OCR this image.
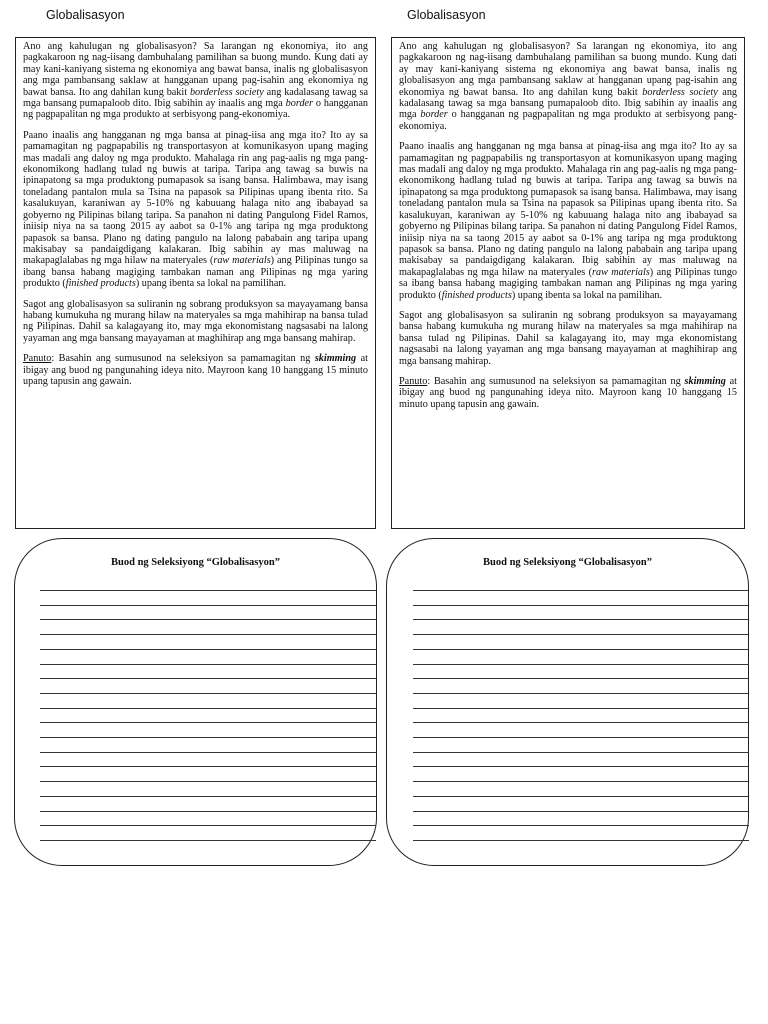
Globalisasyon	Globalisasyon

Ano ang kahulugan ng globalisasyon? Sa larangan ng ekonomiya, ito ang pagkakaroon ng nag-iisang dambuhalang pamilihan sa buong mundo. Kung dati ay may kani-kaniyang sistema ng ekonomiya ang bawat bansa, inalis ng globalisasyon ang mga pambansang saklaw at hangganan upang pag-isahin ang ekonomiya ng bawat bansa. Ito ang dahilan kung bakit borderless society ang kadalasang tawag sa mga bansang pumapaloob dito. Ibig sabihin ay inaalis ang mga border o hangganan ng pagpapalitan ng mga produkto at serbisyong pang-ekonomiya.

Paano inaalis ang hangganan ng mga bansa at pinag-iisa ang mga ito? Ito ay sa pamamagitan ng pagpapabilis ng transportasyon at komunikasyon upang maging mas madali ang daloy ng mga produkto. Mahalaga rin ang pag-aalis ng mga pang-ekonomikong hadlang tulad ng buwis at taripa. Taripa ang tawag sa buwis na ipinapatong sa mga produktong pumapasok sa isang bansa. Halimbawa, may isang toneladang pantalon mula sa Tsina na papasok sa Pilipinas upang ibenta rito. Sa kasalukuyan, karaniwan ay 5-10% ng kabuuang halaga nito ang ibabayad sa gobyerno ng Pilipinas bilang taripa. Sa panahon ni dating Pangulong Fidel Ramos, iniisip niya na sa taong 2015 ay aabot sa 0-1% ang taripa ng mga produktong papasok sa bansa. Plano ng dating pangulo na lalong pababain ang taripa upang makisabay sa pandaigdigang kalakaran. Ibig sabihin ay mas maluwag na makapaglalabas ng mga hilaw na materyales (raw materials) ang Pilipinas tungo sa ibang bansa habang magiging tambakan naman ang Pilipinas ng mga yaring produkto (finished products) upang ibenta sa lokal na pamilihan.

Sagot ang globalisasyon sa suliranin ng sobrang produksyon sa mayayamang bansa habang kumukuha ng murang hilaw na materyales sa mga mahihirap na bansa tulad ng Pilipinas. Dahil sa kalagayang ito, may mga ekonomistang nagsasabi na lalong yayaman ang mga bansang mayayaman at maghihirap ang mga bansang mahirap.

Panuto: Basahin ang sumusunod na seleksiyon sa pamamagitan ng skimming at ibigay ang buod ng pangunahing ideya nito. Mayroon kang 10 hanggang 15 minuto upang tapusin ang gawain.

Ano ang kahulugan ng globalisasyon? Sa larangan ng ekonomiya, ito ang pagkakaroon ng nag-iisang dambuhalang pamilihan sa buong mundo. Kung dati ay may kani-kaniyang sistema ng ekonomiya ang bawat bansa, inalis ng globalisasyon ang mga pambansang saklaw at hangganan upang pag-isahin ang ekonomiya ng bawat bansa. Ito ang dahilan kung bakit borderless society ang kadalasang tawag sa mga bansang pumapaloob dito. Ibig sabihin ay inaalis ang mga border o hangganan ng pagpapalitan ng mga produkto at serbisyong pang-ekonomiya.

Paano inaalis ang hangganan ng mga bansa at pinag-iisa ang mga ito? Ito ay sa pamamagitan ng pagpapabilis ng transportasyon at komunikasyon upang maging mas madali ang daloy ng mga produkto. Mahalaga rin ang pag-aalis ng mga pang-ekonomikong hadlang tulad ng buwis at taripa. Taripa ang tawag sa buwis na ipinapatong sa mga produktong pumapasok sa isang bansa. Halimbawa, may isang toneladang pantalon mula sa Tsina na papasok sa Pilipinas upang ibenta rito. Sa kasalukuyan, karaniwan ay 5-10% ng kabuuang halaga nito ang ibabayad sa gobyerno ng Pilipinas bilang taripa. Sa panahon ni dating Pangulong Fidel Ramos, iniisip niya na sa taong 2015 ay aabot sa 0-1% ang taripa ng mga produktong papasok sa bansa. Plano ng dating pangulo na lalong pababain ang taripa upang makisabay sa pandaigdigang kalakaran. Ibig sabihin ay mas maluwag na makapaglalabas ng mga hilaw na materyales (raw materials) ang Pilipinas tungo sa ibang bansa habang magiging tambakan naman ang Pilipinas ng mga yaring produkto (finished products) upang ibenta sa lokal na pamilihan.

Sagot ang globalisasyon sa suliranin ng sobrang produksyon sa mayayamang bansa habang kumukuha ng murang hilaw na materyales sa mga mahihirap na bansa tulad ng Pilipinas. Dahil sa kalagayang ito, may mga ekonomistang nagsasabi na lalong yayaman ang mga bansang mayayaman at maghihirap ang mga bansang mahirap.

Panuto: Basahin ang sumusunod na seleksiyon sa pamamagitan ng skimming at ibigay ang buod ng pangunahing ideya nito. Mayroon kang 10 hanggang 15 minuto upang tapusin ang gawain.

Buod ng Seleksiyong “Globalisasyon”	Buod ng Seleksiyong “Globalisasyon”
